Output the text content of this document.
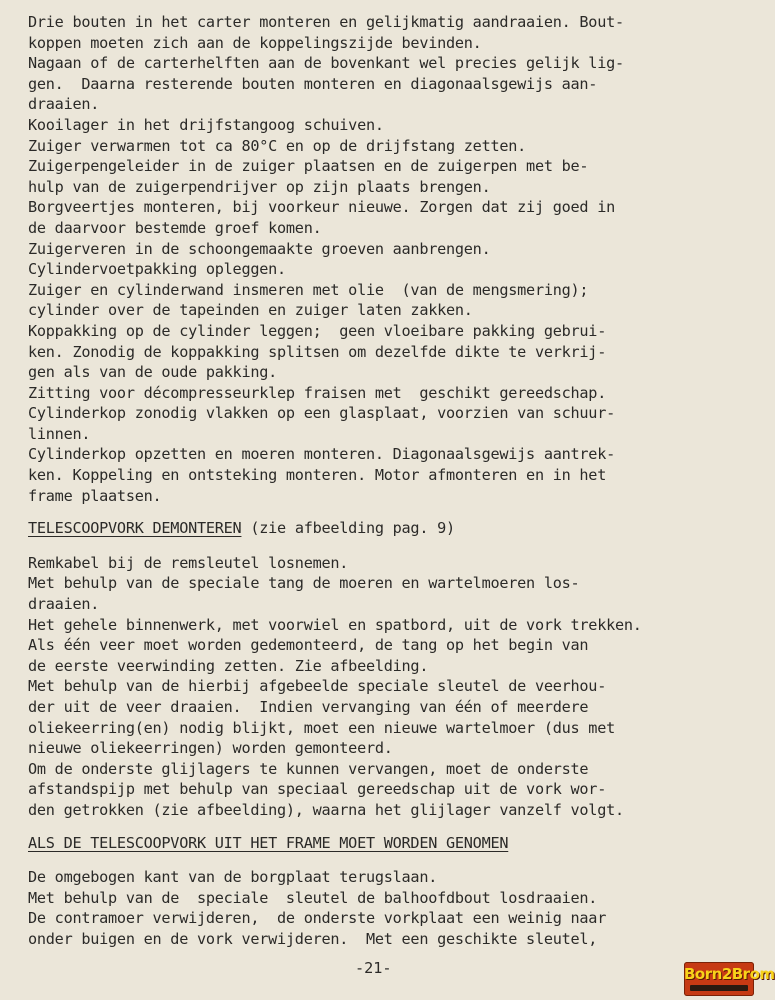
Drie bouten in het carter monteren en gelijkmatig aandraaien. Bout-
koppen moeten zich aan de koppelingszijde bevinden.
Nagaan of de carterhelften aan de bovenkant wel precies gelijk lig-
gen.  Daarna resterende bouten monteren en diagonaalsgewijs aan-
draaien.
Kooilager in het drijfstangoog schuiven.
Zuiger verwarmen tot ca 80°C en op de drijfstang zetten.
Zuigerpengeleider in de zuiger plaatsen en de zuigerpen met be-
hulp van de zuigerpendrijver op zijn plaats brengen.
Borgveertjes monteren, bij voorkeur nieuwe. Zorgen dat zij goed in
de daarvoor bestemde groef komen.
Zuigerveren in de schoongemaakte groeven aanbrengen.
Cylindervoetpakking opleggen.
Zuiger en cylinderwand insmeren met olie  (van de mengsmering);
cylinder over de tapeinden en zuiger laten zakken.
Koppakking op de cylinder leggen;  geen vloeibare pakking gebrui-
ken. Zonodig de koppakking splitsen om dezelfde dikte te verkrij-
gen als van de oude pakking.
Zitting voor décompresseurklep fraisen met  geschikt gereedschap.
Cylinderkop zonodig vlakken op een glasplaat, voorzien van schuur-
linnen.
Cylinderkop opzetten en moeren monteren. Diagonaalsgewijs aantrek-
ken. Koppeling en ontsteking monteren. Motor afmonteren en in het
frame plaatsen.
TELESCOOPVORK DEMONTEREN (zie afbeelding pag. 9)
Remkabel bij de remsleutel losnemen.
Met behulp van de speciale tang de moeren en wartelmoeren los-
draaien.
Het gehele binnenwerk, met voorwiel en spatbord, uit de vork trekken.
Als één veer moet worden gedemonteerd, de tang op het begin van
de eerste veerwinding zetten. Zie afbeelding.
Met behulp van de hierbij afgebeelde speciale sleutel de veerhou-
der uit de veer draaien.  Indien vervanging van één of meerdere
oliekeerring(en) nodig blijkt, moet een nieuwe wartelmoer (dus met
nieuwe oliekeerringen) worden gemonteerd.
Om de onderste glijlagers te kunnen vervangen, moet de onderste
afstandspijp met behulp van speciaal gereedschap uit de vork wor-
den getrokken (zie afbeelding), waarna het glijlager vanzelf volgt.
ALS DE TELESCOOPVORK UIT HET FRAME MOET WORDEN GENOMEN
De omgebogen kant van de borgplaat terugslaan.
Met behulp van de  speciale  sleutel de balhoofdbout losdraaien.
De contramoer verwijderen,  de onderste vorkplaat een weinig naar
onder buigen en de vork verwijderen.  Met een geschikte sleutel,
-21-	Born2Brom
